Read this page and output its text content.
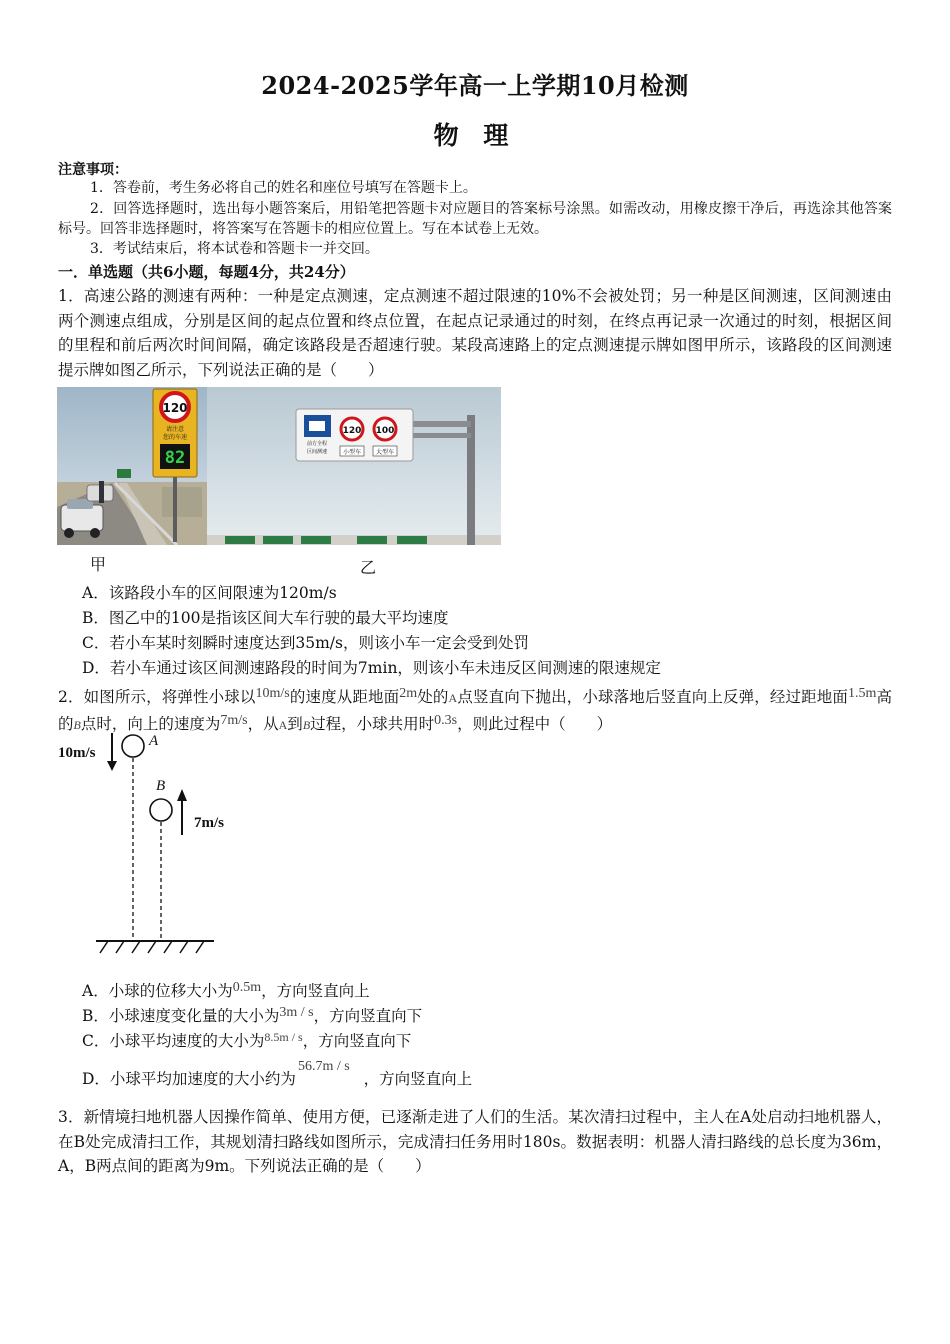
2024-2025学年高一上学期10月检测
物 理
注意事项：
1．答卷前，考生务必将自己的姓名和座位号填写在答题卡上。
2．回答选择题时，选出每小题答案后，用铅笔把答题卡对应题目的答案标号涂黑。如需改动，用橡皮擦干净后，再选涂其他答案标号。回答非选择题时，将答案写在答题卡的相应位置上。写在本试卷上无效。
3．考试结束后，将本试卷和答题卡一并交回。
一．单选题（共6小题，每题4分，共24分）
1．高速公路的测速有两种：一种是定点测速，定点测速不超过限速的10%不会被处罚；另一种是区间测速，区间测速由两个测速点组成，分别是区间的起点位置和终点位置，在起点记录通过的时刻，在终点再记录一次通过的时刻，根据区间的里程和前后两次时间间隔，确定该路段是否超速行驶。某段高速路上的定点测速提示牌如图甲所示，该路段的区间测速提示牌如图乙所示，下列说法正确的是（　　）
120
请注意
您的车速
82
前方全程
区间测速
120 100
小型车 大型车
甲	乙
A．该路段小车的区间限速为120m/s
B．图乙中的100是指该区间大车行驶的最大平均速度
C．若小车某时刻瞬时速度达到35m/s，则该小车一定会受到处罚
D．若小车通过该区间测速路段的时间为7min，则该小车未违反区间测速的限速规定
2．如图所示，将弹性小球以10m/s的速度从距地面2m处的A点竖直向下抛出，小球落地后竖直向上反弹，经过距地面1.5m高的B点时，向上的速度为7m/s，从A到B过程，小球共用时0.3s，则此过程中（　　）
A
10m/s
B
7m/s
A．小球的位移大小为0.5m，方向竖直向上
B．小球速度变化量的大小为3m / s，方向竖直向下
C．小球平均速度的大小为$^{8.5m / s}$，方向竖直向下
D．小球平均加速度的大小约为56.7m / s，方向竖直向上
3．新情境扫地机器人因操作简单、使用方便，已逐渐走进了人们的生活。某次清扫过程中，主人在A处启动扫地机器人，在B处完成清扫工作，其规划清扫路线如图所示，完成清扫任务用时180s。数据表明：机器人清扫路线的总长度为36m，A，B两点间的距离为9m。下列说法正确的是（　　）
